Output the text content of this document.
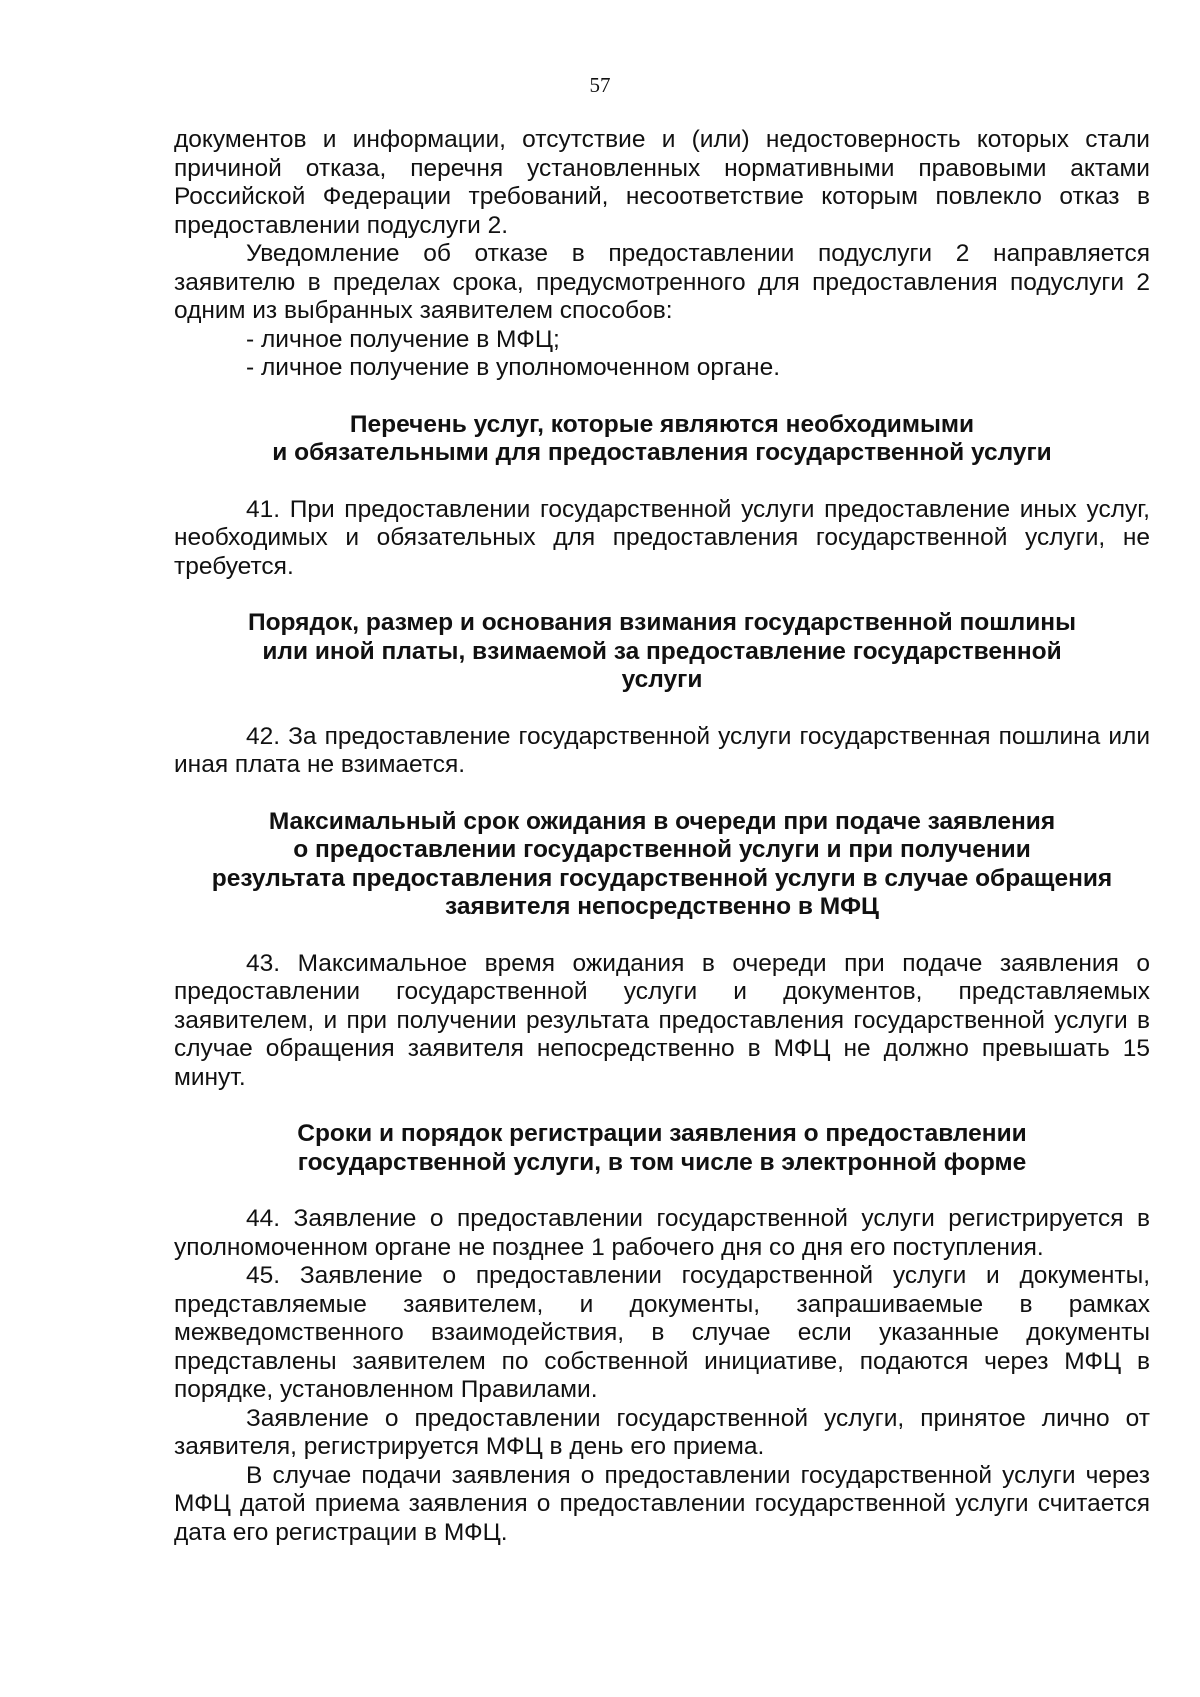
57

документов и информации, отсутствие и (или) недостоверность которых стали причиной отказа, перечня установленных нормативными правовыми актами Российской Федерации требований, несоответствие которым повлекло отказ в предоставлении подуслуги 2.

Уведомление об отказе в предоставлении подуслуги 2 направляется заявителю в пределах срока, предусмотренного для предоставления подуслуги 2 одним из выбранных заявителем способов:

- личное получение в МФЦ;

- личное получение в уполномоченном органе.

Перечень услуг, которые являются необходимыми
и обязательными для предоставления государственной услуги

41. При предоставлении государственной услуги предоставление иных услуг, необходимых и обязательных для предоставления государственной услуги, не требуется.

Порядок, размер и основания взимания государственной пошлины
или иной платы, взимаемой за предоставление государственной
услуги

42. За предоставление государственной услуги государственная пошлина или иная плата не взимается.

Максимальный срок ожидания в очереди при подаче заявления
о предоставлении государственной услуги и при получении
результата предоставления государственной услуги в случае обращения
заявителя непосредственно в МФЦ

43. Максимальное время ожидания в очереди при подаче заявления о предоставлении государственной услуги и документов, представляемых заявителем, и при получении результата предоставления государственной услуги в случае обращения заявителя непосредственно в МФЦ не должно превышать 15 минут.

Сроки и порядок регистрации заявления о предоставлении
государственной услуги, в том числе в электронной форме

44. Заявление о предоставлении государственной услуги регистрируется в уполномоченном органе не позднее 1 рабочего дня со дня его поступления.

45. Заявление о предоставлении государственной услуги и документы, представляемые заявителем, и документы, запрашиваемые в рамках межведомственного взаимодействия, в случае если указанные документы представлены заявителем по собственной инициативе, подаются через МФЦ в порядке, установленном Правилами.

Заявление о предоставлении государственной услуги, принятое лично от заявителя, регистрируется МФЦ в день его приема.

В случае подачи заявления о предоставлении государственной услуги через МФЦ датой приема заявления о предоставлении государственной услуги считается дата его регистрации в МФЦ.
